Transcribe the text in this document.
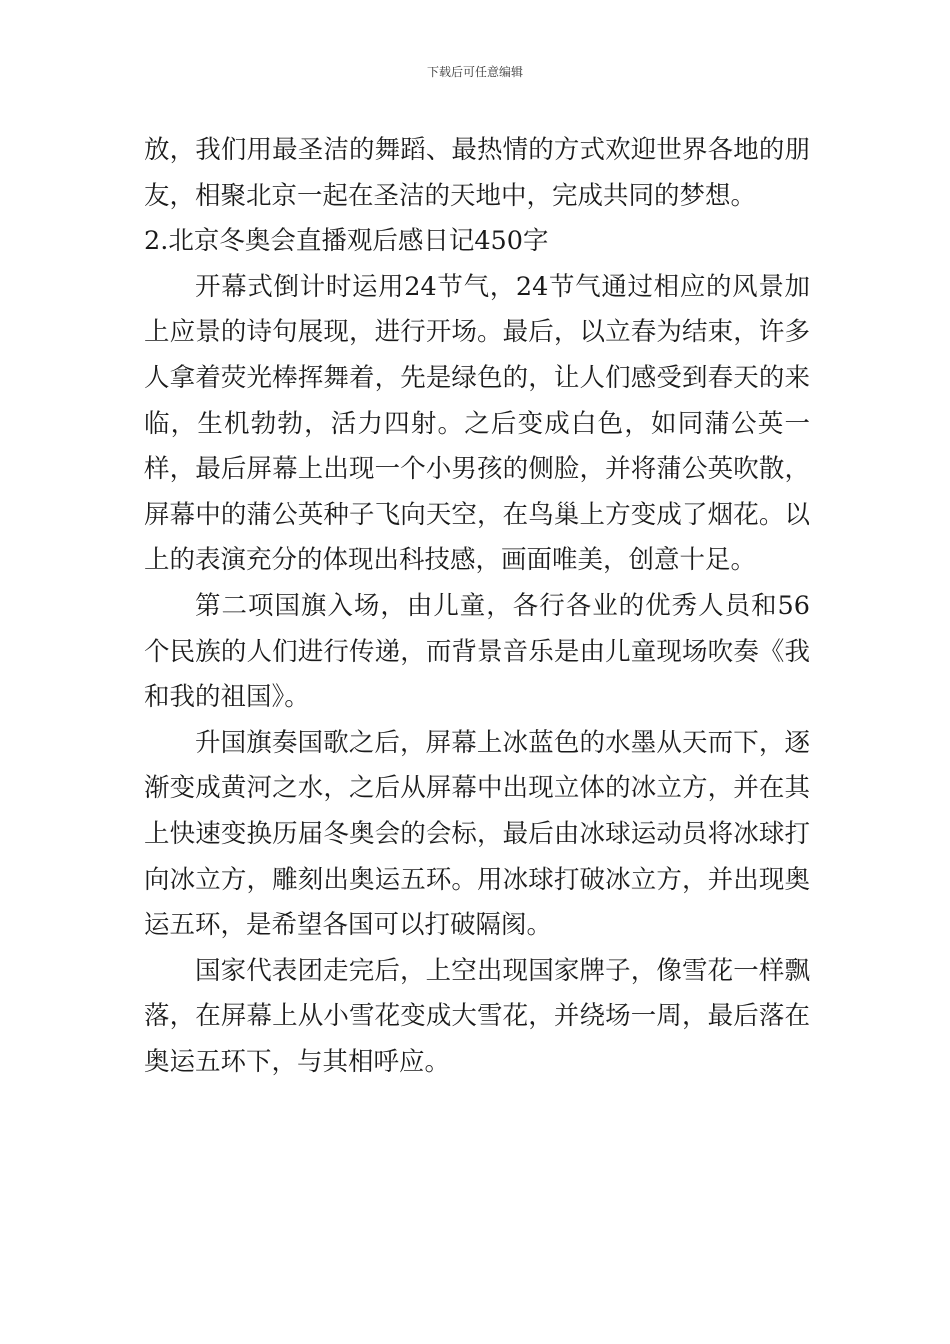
下载后可任意编辑

放，我们用最圣洁的舞蹈、最热情的方式欢迎世界各地的朋友，相聚北京一起在圣洁的天地中，完成共同的梦想。

2.北京冬奥会直播观后感日记450字

开幕式倒计时运用24节气，24节气通过相应的风景加上应景的诗句展现，进行开场。最后，以立春为结束，许多人拿着荧光棒挥舞着，先是绿色的，让人们感受到春天的来临，生机勃勃，活力四射。之后变成白色，如同蒲公英一样，最后屏幕上出现一个小男孩的侧脸，并将蒲公英吹散，屏幕中的蒲公英种子飞向天空，在鸟巢上方变成了烟花。以上的表演充分的体现出科技感，画面唯美，创意十足。

第二项国旗入场，由儿童，各行各业的优秀人员和56个民族的人们进行传递，而背景音乐是由儿童现场吹奏《我和我的祖国》。

升国旗奏国歌之后，屏幕上冰蓝色的水墨从天而下，逐渐变成黄河之水，之后从屏幕中出现立体的冰立方，并在其上快速变换历届冬奥会的会标，最后由冰球运动员将冰球打向冰立方，雕刻出奥运五环。用冰球打破冰立方，并出现奥运五环，是希望各国可以打破隔阂。

国家代表团走完后，上空出现国家牌子，像雪花一样飘落，在屏幕上从小雪花变成大雪花，并绕场一周，最后落在奥运五环下，与其相呼应。
